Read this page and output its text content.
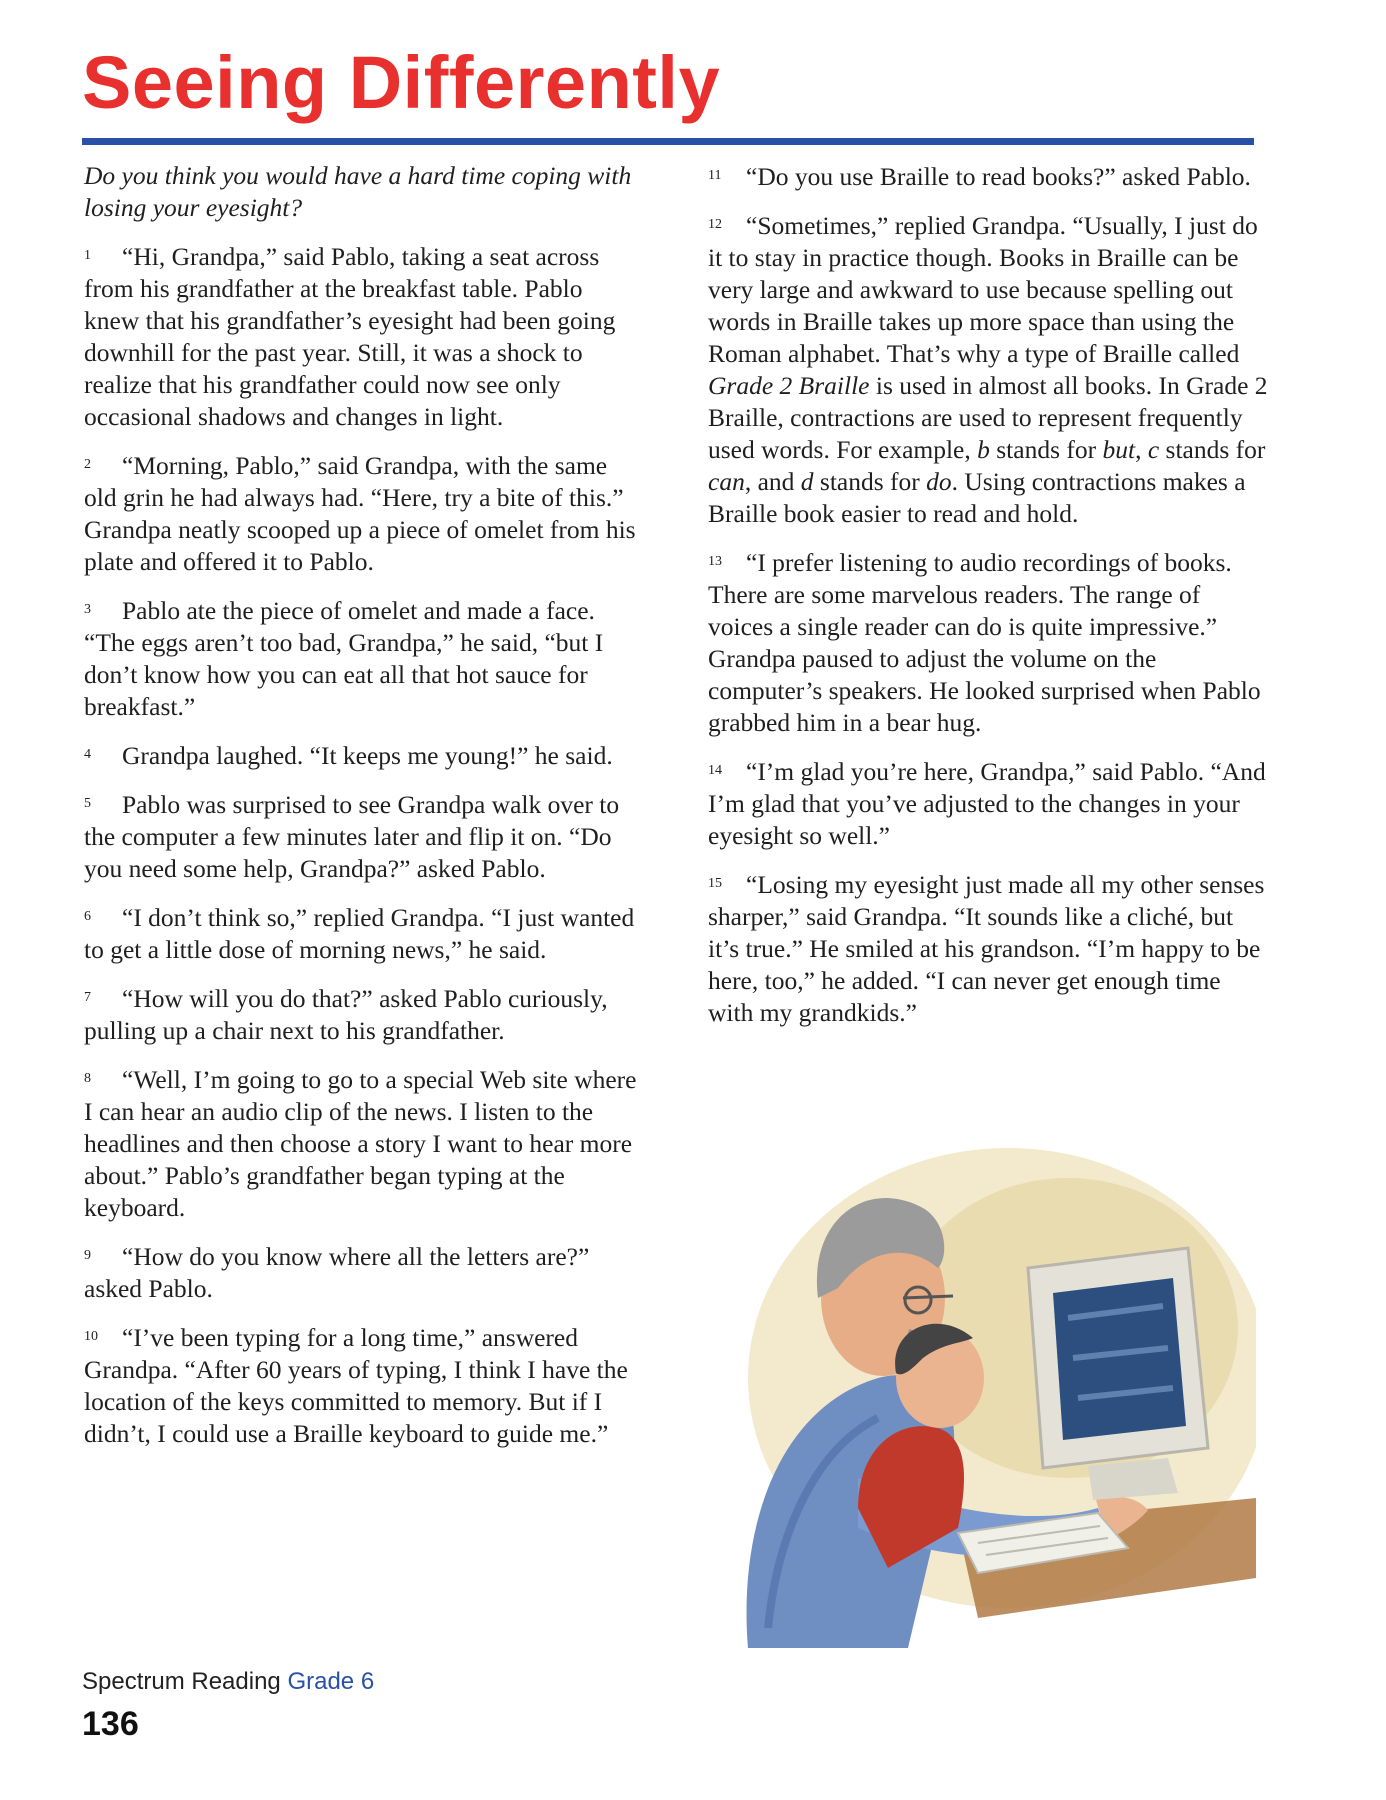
Seeing Differently

Do you think you would have a hard time coping with losing your eyesight?

1 “Hi, Grandpa,” said Pablo, taking a seat across from his grandfather at the breakfast table. Pablo knew that his grandfather’s eyesight had been going downhill for the past year. Still, it was a shock to realize that his grandfather could now see only occasional shadows and changes in light.

2 “Morning, Pablo,” said Grandpa, with the same old grin he had always had. “Here, try a bite of this.” Grandpa neatly scooped up a piece of omelet from his plate and offered it to Pablo.

3 Pablo ate the piece of omelet and made a face. “The eggs aren’t too bad, Grandpa,” he said, “but I don’t know how you can eat all that hot sauce for breakfast.”

4 Grandpa laughed. “It keeps me young!” he said.

5 Pablo was surprised to see Grandpa walk over to the computer a few minutes later and flip it on. “Do you need some help, Grandpa?” asked Pablo.

6 “I don’t think so,” replied Grandpa. “I just wanted to get a little dose of morning news,” he said.

7 “How will you do that?” asked Pablo curiously, pulling up a chair next to his grandfather.

8 “Well, I’m going to go to a special Web site where I can hear an audio clip of the news. I listen to the headlines and then choose a story I want to hear more about.” Pablo’s grandfather began typing at the keyboard.

9 “How do you know where all the letters are?” asked Pablo.

10 “I’ve been typing for a long time,” answered Grandpa. “After 60 years of typing, I think I have the location of the keys committed to memory. But if I didn’t, I could use a Braille keyboard to guide me.”

11 “Do you use Braille to read books?” asked Pablo.

12 “Sometimes,” replied Grandpa. “Usually, I just do it to stay in practice though. Books in Braille can be very large and awkward to use because spelling out words in Braille takes up more space than using the Roman alphabet. That’s why a type of Braille called Grade 2 Braille is used in almost all books. In Grade 2 Braille, contractions are used to represent frequently used words. For example, b stands for but, c stands for can, and d stands for do. Using contractions makes a Braille book easier to read and hold.

13 “I prefer listening to audio recordings of books. There are some marvelous readers. The range of voices a single reader can do is quite impressive.” Grandpa paused to adjust the volume on the computer’s speakers. He looked surprised when Pablo grabbed him in a bear hug.

14 “I’m glad you’re here, Grandpa,” said Pablo. “And I’m glad that you’ve adjusted to the changes in your eyesight so well.”

15 “Losing my eyesight just made all my other senses sharper,” said Grandpa. “It sounds like a cliché, but it’s true.” He smiled at his grandson. “I’m happy to be here, too,” he added. “I can never get enough time with my grandkids.”

Spectrum Reading Grade 6
136
